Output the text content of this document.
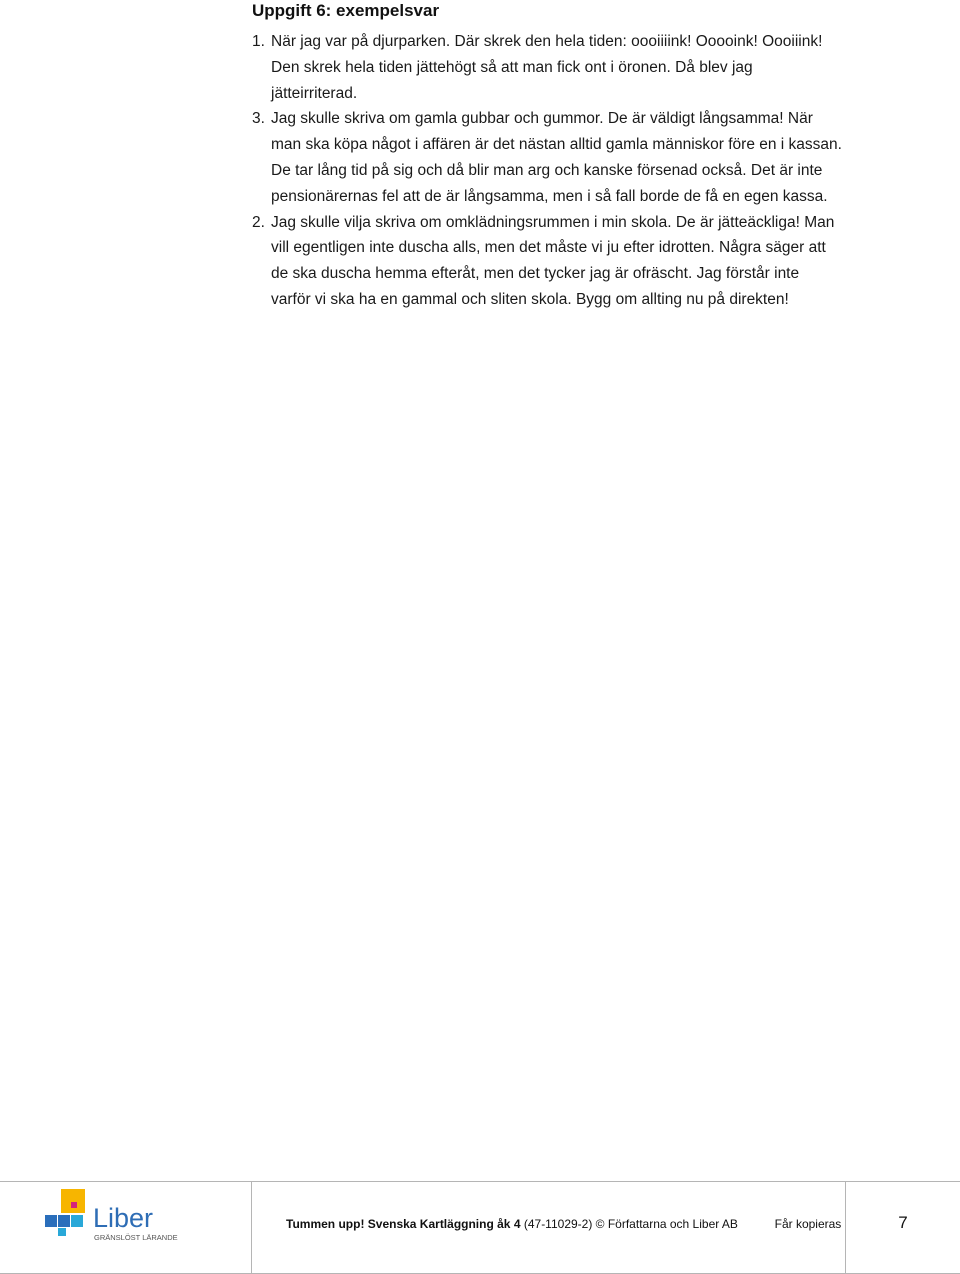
Uppgift 6: exempelsvar
1. När jag var på djurparken. Där skrek den hela tiden: oooiiiink! Ooooink! Oooiiink! Den skrek hela tiden jättehögt så att man fick ont i öronen. Då blev jag jätteirriterad.
3. Jag skulle skriva om gamla gubbar och gummor. De är väldigt långsamma! När man ska köpa något i affären är det nästan alltid gamla människor före en i kassan. De tar lång tid på sig och då blir man arg och kanske försenad också. Det är inte pensionärernas fel att de är långsamma, men i så fall borde de få en egen kassa.
2. Jag skulle vilja skriva om omklädningsrummen i min skola. De är jätteäckliga! Man vill egentligen inte duscha alls, men det måste vi ju efter idrotten. Några säger att de ska duscha hemma efteråt, men det tycker jag är ofräscht. Jag förstår inte varför vi ska ha en gammal och sliten skola. Bygg om allting nu på direkten!
Liber
GRÄNSLÖST LÄRANDE
Tummen upp! Svenska Kartläggning åk 4 (47-11029-2) © Författarna och Liber AB	Får kopieras	7
